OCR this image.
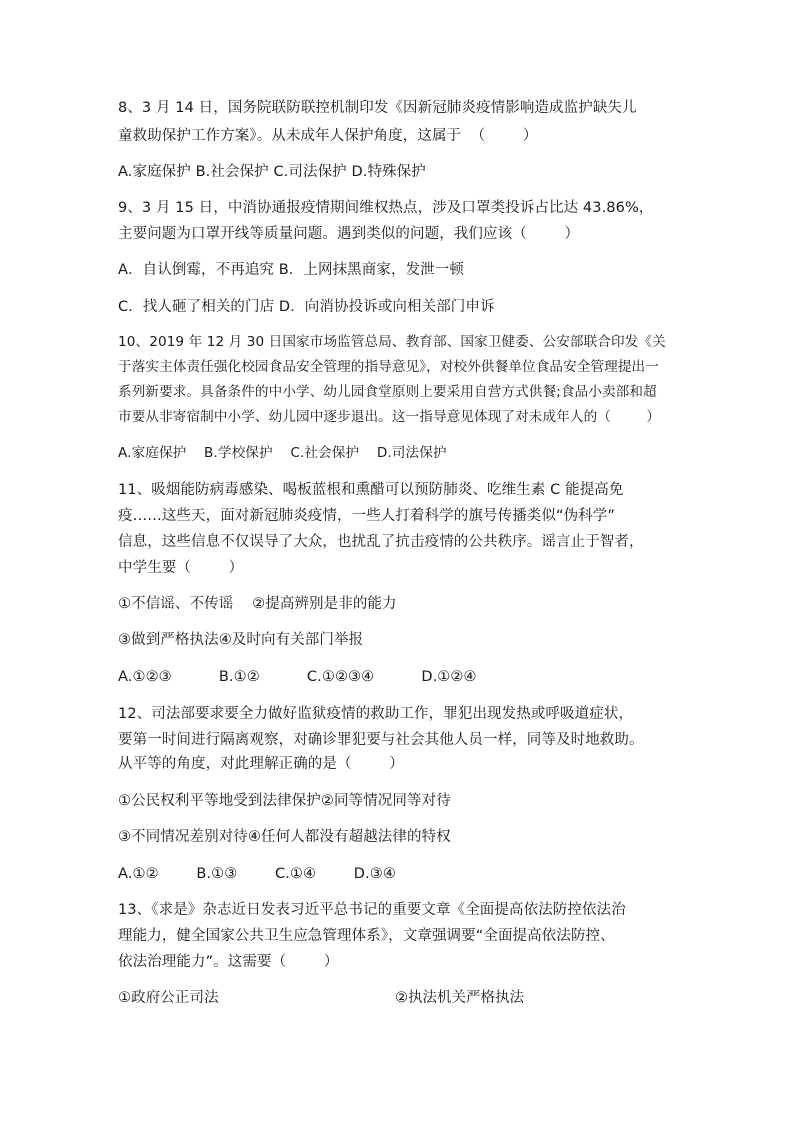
8、3 月 14 日，国务院联防联控机制印发《因新冠肺炎疫情影响造成监护缺失儿
童救助保护工作方案》。从未成年人保护角度，这属于  （        ）
A.家庭保护 B.社会保护 C.司法保护 D.特殊保护
9、3 月 15 日，中消协通报疫情期间维权热点，涉及口罩类投诉占比达 43.86%，
主要问题为口罩开线等质量问题。遇到类似的问题，我们应该（        ）
A．自认倒霉，不再追究 B．上网抹黑商家，发泄一顿
C．找人砸了相关的门店 D．向消协投诉或向相关部门申诉
10、2019 年 12 月 30 日国家市场监管总局、教育部、国家卫健委、公安部联合印发《关
于落实主体责任强化校园食品安全管理的指导意见》，对校外供餐单位食品安全管理提出一
系列新要求。具备条件的中小学、幼儿园食堂原则上要采用自营方式供餐;食品小卖部和超
市要从非寄宿制中小学、幼儿园中逐步退出。这一指导意见体现了对未成年人的（        ）
A.家庭保护    B.学校保护    C.社会保护    D.司法保护
11、吸烟能防病毒感染、喝板蓝根和熏醋可以预防肺炎、吃维生素 C 能提高免
疫……这些天，面对新冠肺炎疫情，一些人打着科学的旗号传播类似“伪科学”
信息，这些信息不仅误导了大众，也扰乱了抗击疫情的公共秩序。谣言止于智者，
中学生要（        ）
①不信谣、不传谣    ②提高辨别是非的能力
③做到严格执法④及时向有关部门举报
A.①②③          B.①②          C.①②③④          D.①②④
12、司法部要求要全力做好监狱疫情的救助工作，罪犯出现发热或呼吸道症状，
要第一时间进行隔离观察，对确诊罪犯要与社会其他人员一样，同等及时地救助。
从平等的角度，对此理解正确的是（        ）
①公民权利平等地受到法律保护②同等情况同等对待
③不同情况差别对待④任何人都没有超越法律的特权
A.①②        B.①③        C.①④        D.③④
13、《求是》杂志近日发表习近平总书记的重要文章《全面提高依法防控依法治
理能力，健全国家公共卫生应急管理体系》，文章强调要“全面提高依法防控、
依法治理能力”。这需要（        ）
①政府公正司法	②执法机关严格执法
